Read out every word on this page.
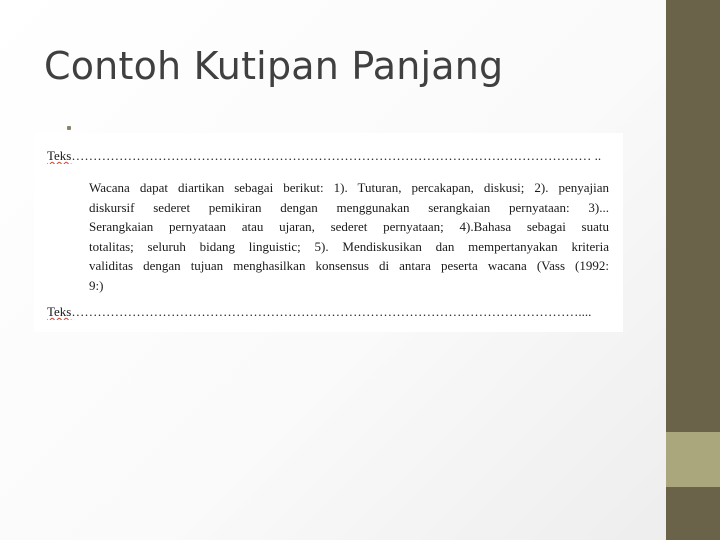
Contoh Kutipan Panjang
Teks………………………………………………………………………………………………………… ..
Wacana dapat diartikan sebagai berikut: 1). Tuturan, percakapan, diskusi; 2). penyajian
diskursif sederet pemikiran dengan menggunakan serangkaian pernyataan: 3)...
Serangkaian pernyataan atau ujaran, sederet pernyataan; 4).Bahasa sebagai suatu
totalitas; seluruh bidang linguistic; 5). Mendiskusikan dan mempertanyakan kriteria
validitas dengan tujuan menghasilkan konsensus di antara peserta wacana (Vass (1992:
9:)
Teks………………………………………………………………………………………………………....
